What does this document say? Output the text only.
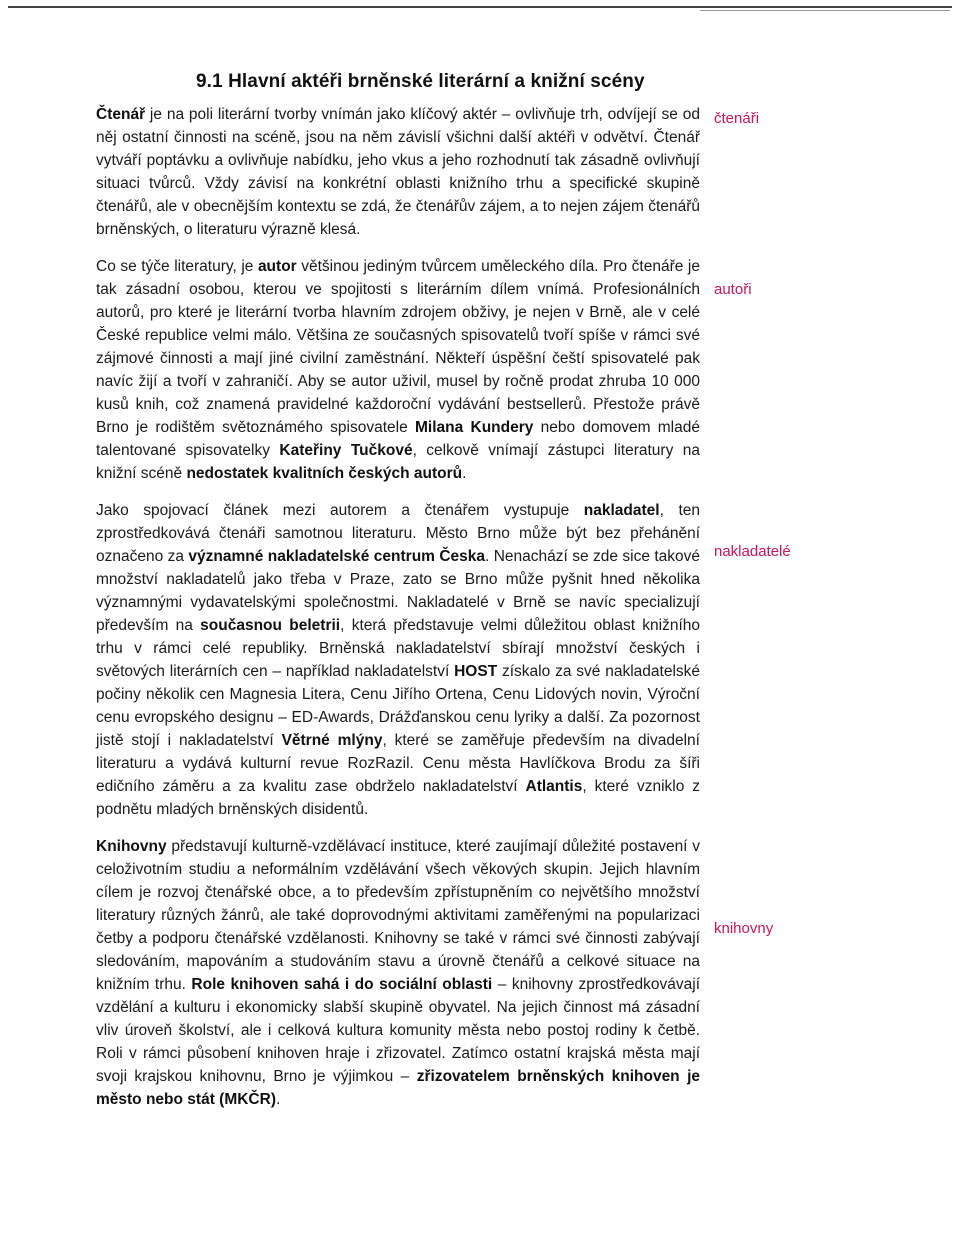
9.1 Hlavní aktéři brněnské literární a knižní scény

Čtenář je na poli literární tvorby vnímán jako klíčový aktér – ovlivňuje trh, odvíjejí se od něj ostatní činnosti na scéně, jsou na něm závislí všichni další aktéři v odvětví. Čtenář vytváří poptávku a ovlivňuje nabídku, jeho vkus a jeho rozhodnutí tak zásadně ovlivňují situaci tvůrců. Vždy závisí na konkrétní oblasti knižního trhu a specifické skupině čtenářů, ale v obecnějším kontextu se zdá, že čtenářův zájem, a to nejen zájem čtenářů brněnských, o literaturu výrazně klesá.

Co se týče literatury, je autor většinou jediným tvůrcem uměleckého díla. Pro čtenáře je tak zásadní osobou, kterou ve spojitosti s literárním dílem vnímá. Profesionálních autorů, pro které je literární tvorba hlavním zdrojem obživy, je nejen v Brně, ale v celé České republice velmi málo. Většina ze současných spisovatelů tvoří spíše v rámci své zájmové činnosti a mají jiné civilní zaměstnání. Někteří úspěšní čeští spisovatelé pak navíc žijí a tvoří v zahraničí. Aby se autor uživil, musel by ročně prodat zhruba 10 000 kusů knih, což znamená pravidelné každoroční vydávání bestsellerů. Přestože právě Brno je rodištěm světoznámého spisovatele Milana Kundery nebo domovem mladé talentované spisovatelky Kateřiny Tučkové, celkově vnímají zástupci literatury na knižní scéně nedostatek kvalitních českých autorů.

Jako spojovací článek mezi autorem a čtenářem vystupuje nakladatel, ten zprostředkovává čtenáři samotnou literaturu. Město Brno může být bez přehánění označeno za významné nakladatelské centrum Česka. Nenachází se zde sice takové množství nakladatelů jako třeba v Praze, zato se Brno může pyšnit hned několika významnými vydavatelskými společnostmi. Nakladatelé v Brně se navíc specializují především na současnou beletrii, která představuje velmi důležitou oblast knižního trhu v rámci celé republiky. Brněnská nakladatelství sbírají množství českých i světových literárních cen – například nakladatelství HOST získalo za své nakladatelské počiny několik cen Magnesia Litera, Cenu Jiřího Ortena, Cenu Lidových novin, Výroční cenu evropského designu – ED-Awards, Drážďanskou cenu lyriky a další. Za pozornost jistě stojí i nakladatelství Větrné mlýny, které se zaměřuje především na divadelní literaturu a vydává kulturní revue RozRazil. Cenu města Havlíčkova Brodu za šíři edičního záměru a za kvalitu zase obdrželo nakladatelství Atlantis, které vzniklo z podnětu mladých brněnských disidentů.

Knihovny představují kulturně-vzdělávací instituce, které zaujímají důležité postavení v celoživotním studiu a neformálním vzdělávání všech věkových skupin. Jejich hlavním cílem je rozvoj čtenářské obce, a to především zpřístupněním co největšího množství literatury různých žánrů, ale také doprovodnými aktivitami zaměřenými na popularizaci četby a podporu čtenářské vzdělanosti. Knihovny se také v rámci své činnosti zabývají sledováním, mapováním a studováním stavu a úrovně čtenářů a celkové situace na knižním trhu. Role knihoven sahá i do sociální oblasti – knihovny zprostředkovávají vzdělání a kulturu i ekonomicky slabší skupině obyvatel. Na jejich činnost má zásadní vliv úroveň školství, ale i celková kultura komunity města nebo postoj rodiny k četbě. Roli v rámci působení knihoven hraje i zřizovatel. Zatímco ostatní krajská města mají svoji krajskou knihovnu, Brno je výjimkou – zřizovatelem brněnských knihoven je město nebo stát (MKČR).

čtenáři
autoři
nakladatelé
knihovny
